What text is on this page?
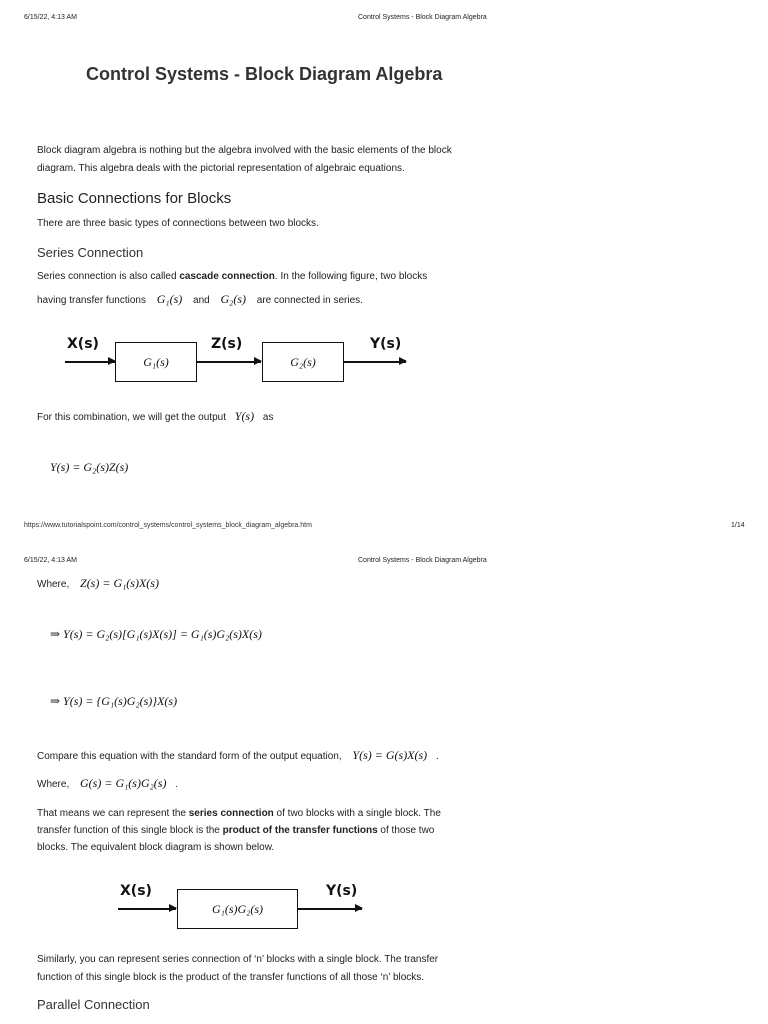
6/15/22, 4:13 AM	Control Systems - Block Diagram Algebra
Control Systems - Block Diagram Algebra
Block diagram algebra is nothing but the algebra involved with the basic elements of the block
diagram. This algebra deals with the pictorial representation of algebraic equations.
Basic Connections for Blocks
There are three basic types of connections between two blocks.
Series Connection
Series connection is also called cascade connection. In the following figure, two blocks
having transfer functions G₁(s) and G₂(s) are connected in series.
X(s)
G₁(s)
Z(s)
G₂(s)
Y(s)
For this combination, we will get the output Y(s) as
Y(s) = G₂(s)Z(s)
https://www.tutorialspoint.com/control_systems/control_systems_block_diagram_algebra.htm	1/14
6/15/22, 4:13 AM	Control Systems - Block Diagram Algebra
Where, Z(s) = G₁(s)X(s)
⇒ Y(s) = G₂(s)[G₁(s)X(s)] = G₁(s)G₂(s)X(s)
⇒ Y(s) = {G₁(s)G₂(s)}X(s)
Compare this equation with the standard form of the output equation, Y(s) = G(s)X(s) .
Where, G(s) = G₁(s)G₂(s) .
That means we can represent the series connection of two blocks with a single block. The
transfer function of this single block is the product of the transfer functions of those two
blocks. The equivalent block diagram is shown below.
X(s)
G₁(s)G₂(s)
Y(s)
Similarly, you can represent series connection of ‘n’ blocks with a single block. The transfer
function of this single block is the product of the transfer functions of all those ‘n’ blocks.
Parallel Connection
